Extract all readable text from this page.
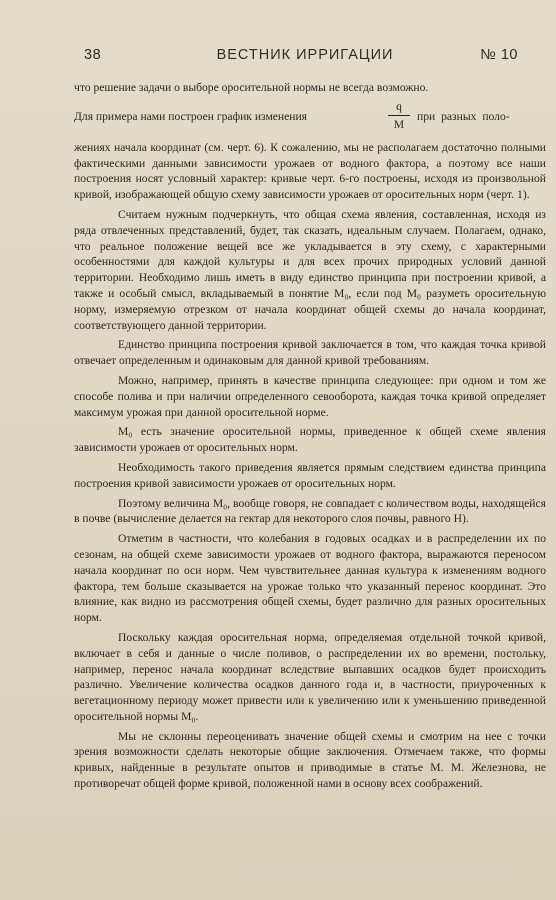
38	ВЕСТНИК ИРРИГАЦИИ	№ 10

что решение задачи о выборе оросительной нормы не всегда возможно.

Для примера нами построен график изменения	$\frac{q}{M}$ при разных поло-

жениях начала координат (см. черт. 6). К сожалению, мы не располагаем достаточно полными фактическими данными зависимости урожаев от водного фактора, а поэтому все наши построения носят условный характер: кривые черт. 6-го построены, исходя из произвольной кривой, изображающей общую схему зависимости урожаев от оросительных норм (черт. 1).

Считаем нужным подчеркнуть, что общая схема явления, составленная, исходя из ряда отвлеченных представлений, будет, так сказать, идеальным случаем. Полагаем, однако, что реальное положение вещей все же укладывается в эту схему, с характерными особенностями для каждой культуры и для всех прочих природных условий данной территории. Необходимо лишь иметь в виду единство принципа при построении кривой, а также и особый смысл, вкладываемый в понятие M₀, если под M₀ разуметь оросительную норму, измеряемую отрезком от начала координат общей схемы до начала координат, соответствующего данной территории.

Единство принципа построения кривой заключается в том, что каждая точка кривой отвечает определенным и одинаковым для данной кривой требованиям.

Можно, например, принять в качестве принципа следующее: при одном и том же способе полива и при наличии определенного севооборота, каждая точка кривой определяет максимум урожая при данной оросительной норме.

M₀ есть значение оросительной нормы, приведенное к общей схеме явления зависимости урожаев от оросительных норм.

Необходимость такого приведения является прямым следствием единства принципа построения кривой зависимости урожаев от оросительных норм.

Поэтому величина M₀, вообще говоря, не совпадает с количеством воды, находящейся в почве (вычисление делается на гектар для некоторого слоя почвы, равного H).

Отметим в частности, что колебания в годовых осадках и в распределении их по сезонам, на общей схеме зависимости урожаев от водного фактора, выражаются переносом начала координат по оси норм. Чем чувствительнее данная культура к изменениям водного фактора, тем больше сказывается на урожае только что указанный перенос координат. Это влияние, как видно из рассмотрения общей схемы, будет различно для разных оросительных норм.

Поскольку каждая оросительная норма, определяемая отдельной точкой кривой, включает в себя и данные о числе поливов, о распределении их во времени, постольку, например, перенос начала координат вследствие выпавших осадков будет происходить различно. Увеличение количества осадков данного года и, в частности, приуроченных к вегетационному периоду может привести или к увеличению или к уменьшению приведенной оросительной нормы M₀.

Мы не склонны переоценивать значение общей схемы и смотрим на нее с точки зрения возможности сделать некоторые общие заключения. Отмечаем также, что формы кривых, найденные в результате опытов и приводимые в статье М. М. Железнова, не противоречат общей форме кривой, положенной нами в основу всех соображений.
